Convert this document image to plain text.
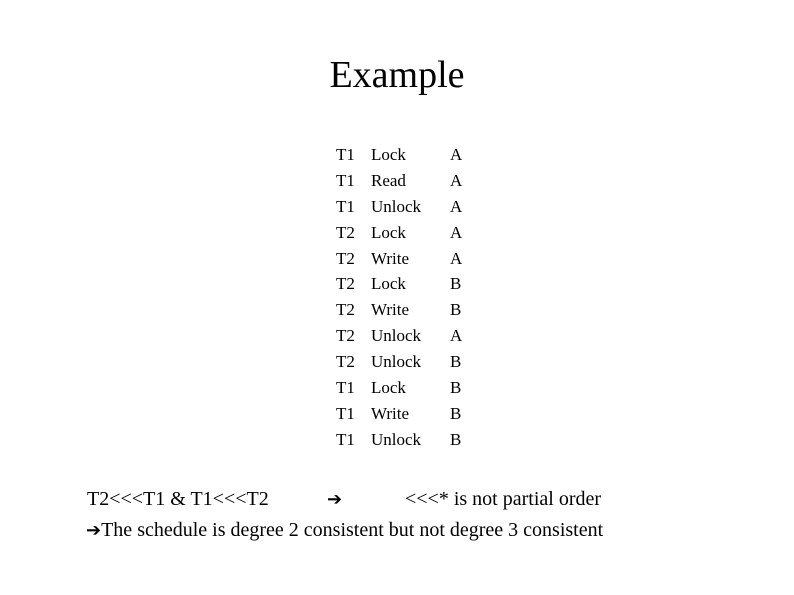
Example
T1 Lock	A
T1 Read	A
T1 Unlock A
T2 Lock	A
T2 Write A
T2 Lock	B
T2 Write B
T2 Unlock A
T2 Unlock B
T1 Lock	B
T1 Write B
T1 Unlock B
T2<<<T1 & T1<<<T2	➔	<<<* is not partial order
➔The schedule is degree 2 consistent but not degree 3 consistent
